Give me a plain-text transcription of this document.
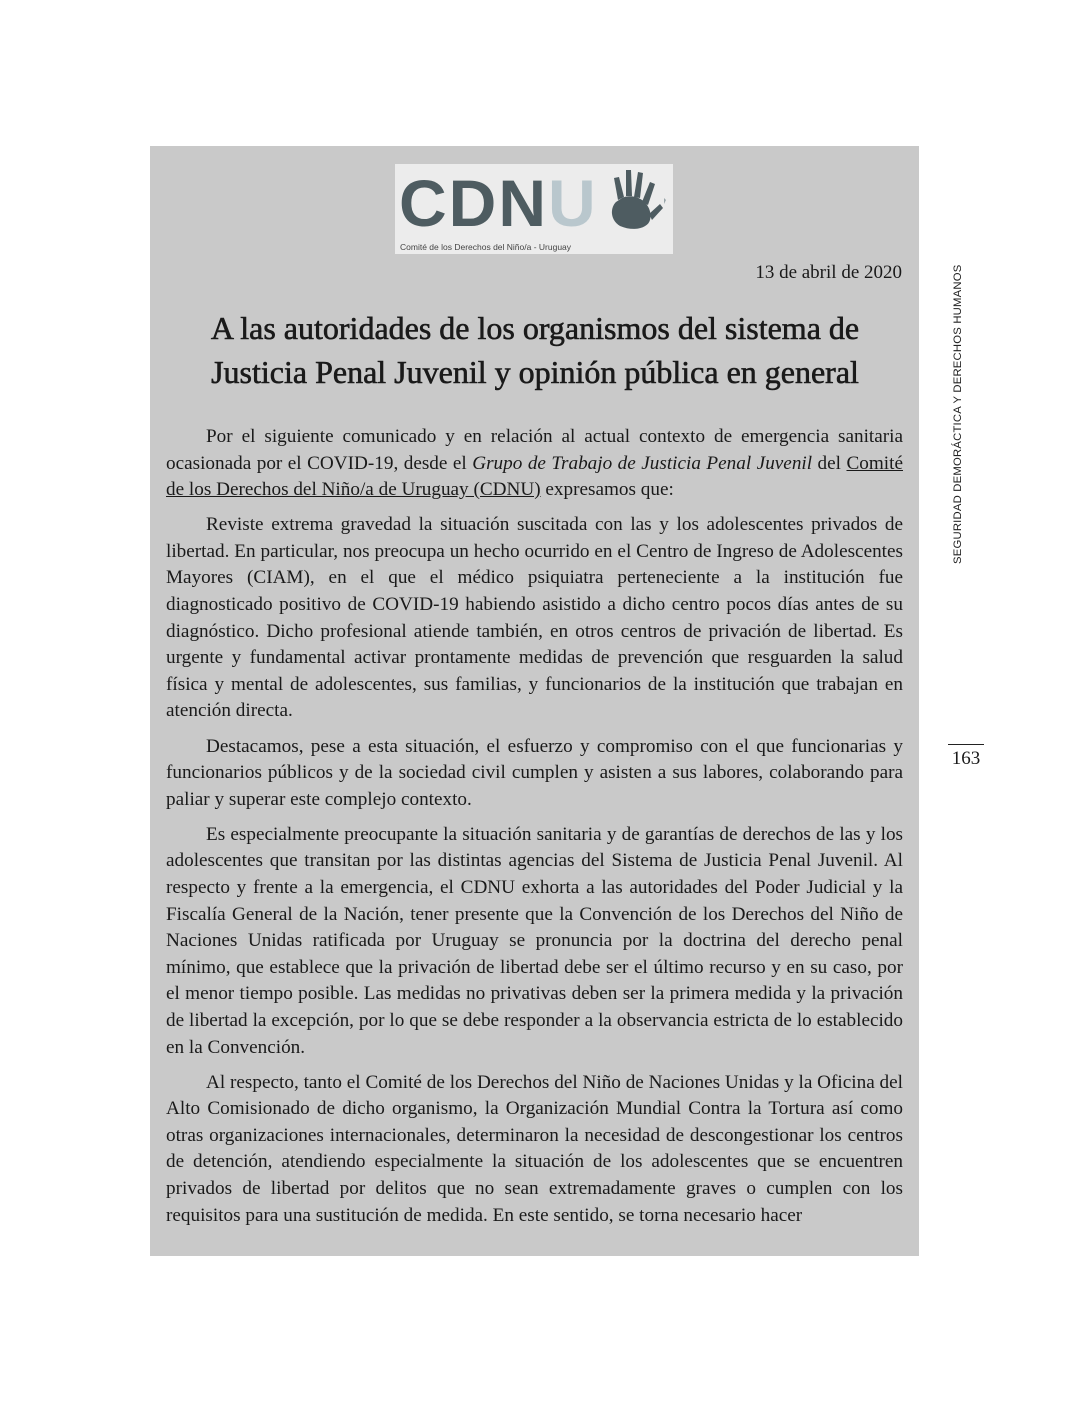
CDNU
Comité de los Derechos del Niño/a - Uruguay
13 de abril de 2020
A las autoridades de los organismos del sistema de
Justicia Penal Juvenil y opinión pública en general

Por el siguiente comunicado y en relación al actual contexto de emergencia sanitaria ocasionada por el COVID-19, desde el Grupo de Trabajo de Justicia Penal Juvenil del Comité de los Derechos del Niño/a de Uruguay (CDNU) expresamos que:

Reviste extrema gravedad la situación suscitada con las y los adolescentes privados de libertad. En particular, nos preocupa un hecho ocurrido en el Centro de Ingreso de Adolescentes Mayores (CIAM), en el que el médico psiquiatra perteneciente a la institución fue diagnosticado positivo de COVID-19 habiendo asistido a dicho centro pocos días antes de su diagnóstico. Dicho profesional atiende también, en otros centros de privación de libertad. Es urgente y fundamental activar prontamente medidas de prevención que resguarden la salud física y mental de adolescentes, sus familias, y funcionarios de la institución que trabajan en atención directa.

Destacamos, pese a esta situación, el esfuerzo y compromiso con el que funcionarias y funcionarios públicos y de la sociedad civil cumplen y asisten a sus labores, colaborando para paliar y superar este complejo contexto.

Es especialmente preocupante la situación sanitaria y de garantías de derechos de las y los adolescentes que transitan por las distintas agencias del Sistema de Justicia Penal Juvenil. Al respecto y frente a la emergencia, el CDNU exhorta a las autoridades del Poder Judicial y la Fiscalía General de la Nación, tener presente que la Convención de los Derechos del Niño de Naciones Unidas ratificada por Uruguay se pronuncia por la doctrina del derecho penal mínimo, que establece que la privación de libertad debe ser el último recurso y en su caso, por el menor tiempo posible. Las medidas no privativas deben ser la primera medida y la privación de libertad la excepción, por lo que se debe responder a la observancia estricta de lo establecido en la Convención.

Al respecto, tanto el Comité de los Derechos del Niño de Naciones Unidas y la Oficina del Alto Comisionado de dicho organismo, la Organización Mundial Contra la Tortura así como otras organizaciones internacionales, determinaron la necesidad de descongestionar los centros de detención, atendiendo especialmente la situación de los adolescentes que se encuentren privados de libertad por delitos que no sean extremadamente graves o cumplen con los requisitos para una sustitución de medida. En este sentido, se torna necesario hacer

SEGURIDAD DEMORÁCTICA Y DERECHOS HUMANOS
163
